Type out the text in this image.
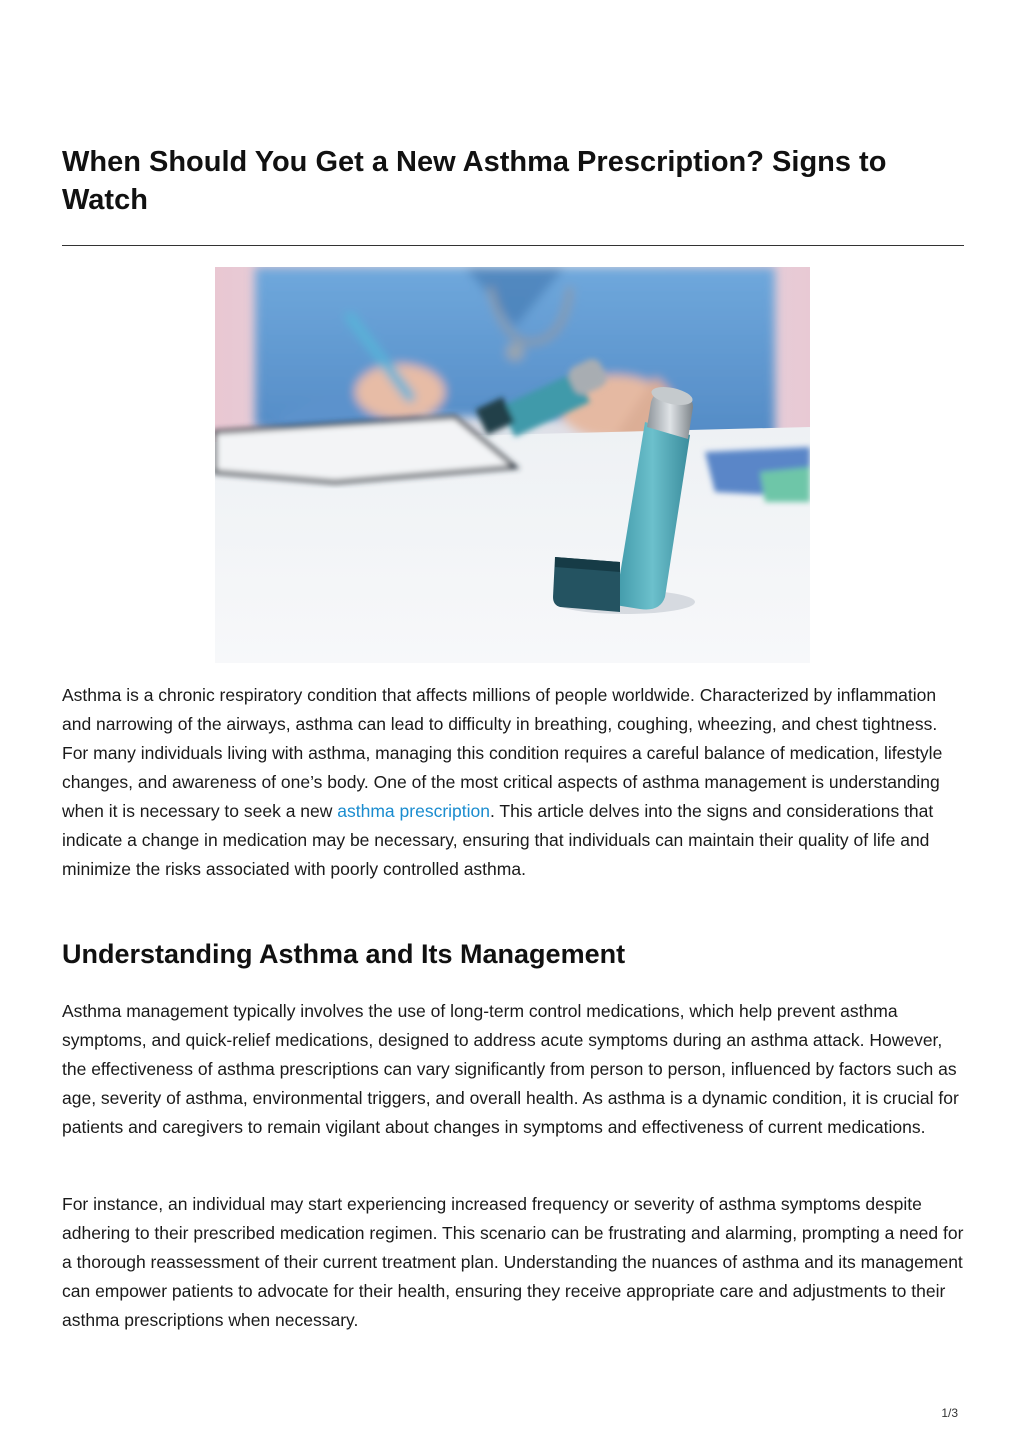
When Should You Get a New Asthma Prescription? Signs to Watch

Asthma is a chronic respiratory condition that affects millions of people worldwide. Characterized by inflammation and narrowing of the airways, asthma can lead to difficulty in breathing, coughing, wheezing, and chest tightness. For many individuals living with asthma, managing this condition requires a careful balance of medication, lifestyle changes, and awareness of one’s body. One of the most critical aspects of asthma management is understanding when it is necessary to seek a new asthma prescription. This article delves into the signs and considerations that indicate a change in medication may be necessary, ensuring that individuals can maintain their quality of life and minimize the risks associated with poorly controlled asthma.

Understanding Asthma and Its Management

Asthma management typically involves the use of long-term control medications, which help prevent asthma symptoms, and quick-relief medications, designed to address acute symptoms during an asthma attack. However, the effectiveness of asthma prescriptions can vary significantly from person to person, influenced by factors such as age, severity of asthma, environmental triggers, and overall health. As asthma is a dynamic condition, it is crucial for patients and caregivers to remain vigilant about changes in symptoms and effectiveness of current medications.

For instance, an individual may start experiencing increased frequency or severity of asthma symptoms despite adhering to their prescribed medication regimen. This scenario can be frustrating and alarming, prompting a need for a thorough reassessment of their current treatment plan. Understanding the nuances of asthma and its management can empower patients to advocate for their health, ensuring they receive appropriate care and adjustments to their asthma prescriptions when necessary.

1/3
